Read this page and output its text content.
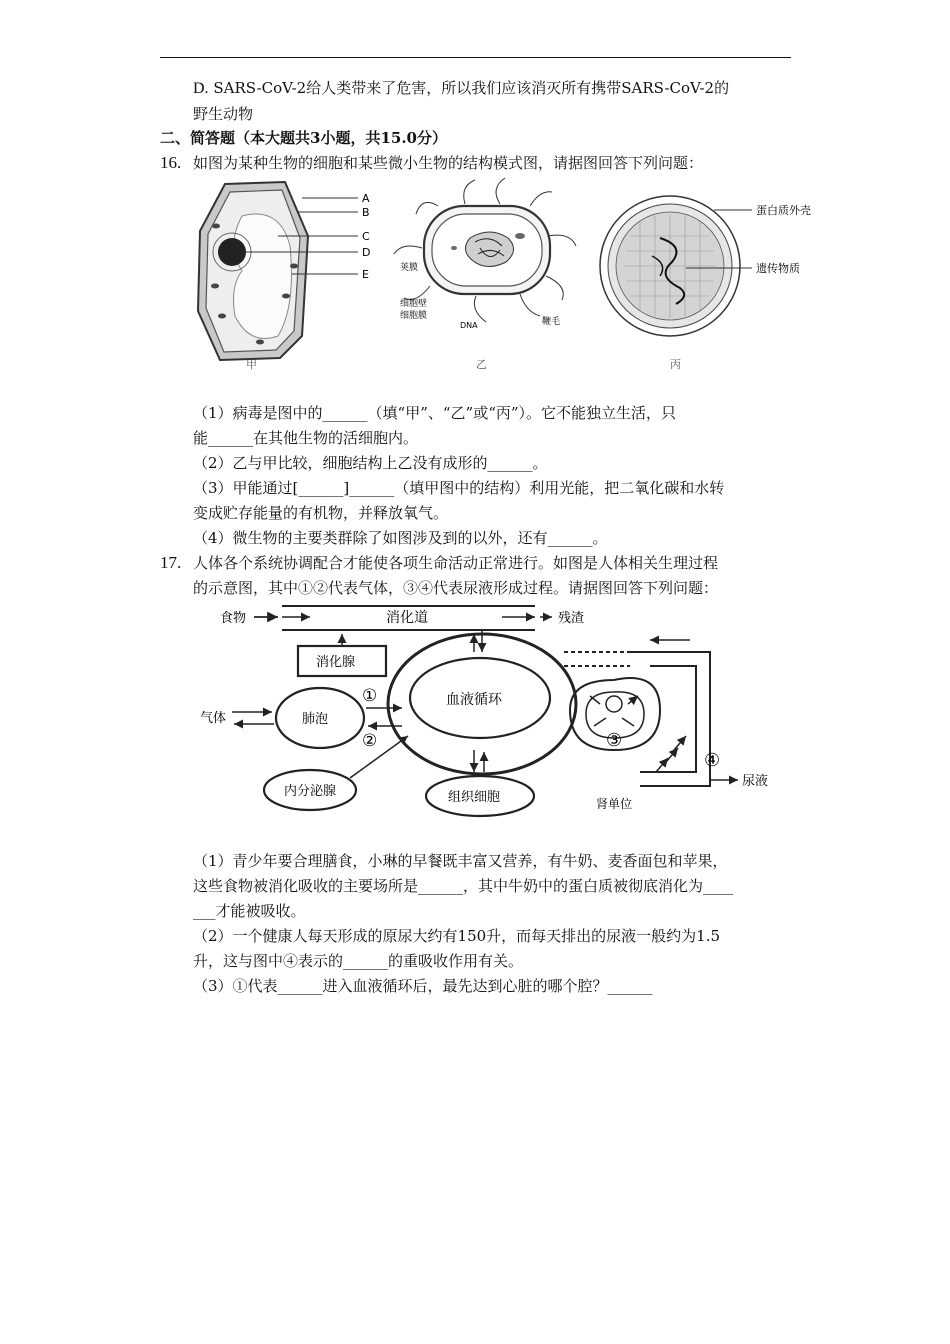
D. SARS-CoV-2给人类带来了危害，所以我们应该消灭所有携带SARS-CoV-2的
野生动物
二、简答题（本大题共3小题，共15.0分）
16. 如图为某种生物的细胞和某些微小生物的结构模式图，请据图回答下列问题：
A
B
C
D
E
甲
荚膜
细胞壁
细胞膜
DNA	鞭毛
乙
蛋白质外壳
遗传物质
丙
（1）病毒是图中的______（填“甲”、“乙”或“丙”）。它不能独立生活，只
能______在其他生物的活细胞内。
（2）乙与甲比较，细胞结构上乙没有成形的______。
（3）甲能通过[______]______（填甲图中的结构）利用光能，把二氧化碳和水转
变成贮存能量的有机物，并释放氧气。
（4）微生物的主要类群除了如图涉及到的以外，还有______。
17. 人体各个系统协调配合才能使各项生命活动正常进行。如图是人体相关生理过程
的示意图，其中①②代表气体，③④代表尿液形成过程。请据图回答下列问题：
食物	消化道	残渣
消化腺
血液循环
气体	肺泡
①
②
内分泌腺	组织细胞
③
④
尿液
肾单位
（1）青少年要合理膳食，小琳的早餐既丰富又营养，有牛奶、麦香面包和苹果，
这些食物被消化吸收的主要场所是______，其中牛奶中的蛋白质被彻底消化为____
___才能被吸收。
（2）一个健康人每天形成的原尿大约有150升，而每天排出的尿液一般约为1.5
升，这与图中④表示的______的重吸收作用有关。
（3）①代表______进入血液循环后，最先达到心脏的哪个腔？______
